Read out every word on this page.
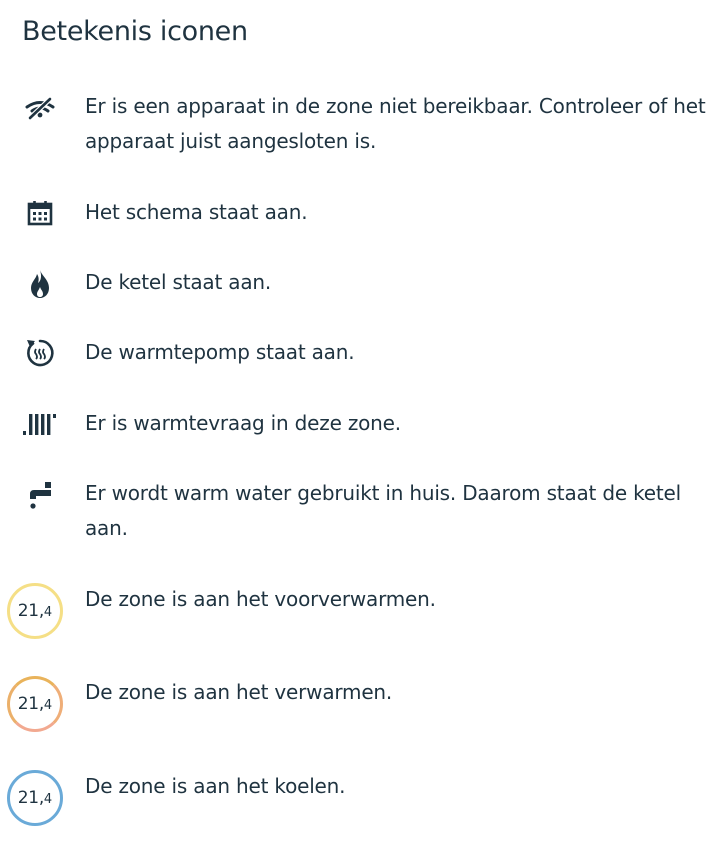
Betekenis iconen
Er is een apparaat in de zone niet bereikbaar. Controleer of het apparaat juist aangesloten is.
Het schema staat aan.
De ketel staat aan.
De warmtepomp staat aan.
Er is warmtevraag in deze zone.
Er wordt warm water gebruikt in huis. Daarom staat de ketel aan.
21, 4
De zone is aan het voorverwarmen.
21, 4
De zone is aan het verwarmen.
21, 4
De zone is aan het koelen.
